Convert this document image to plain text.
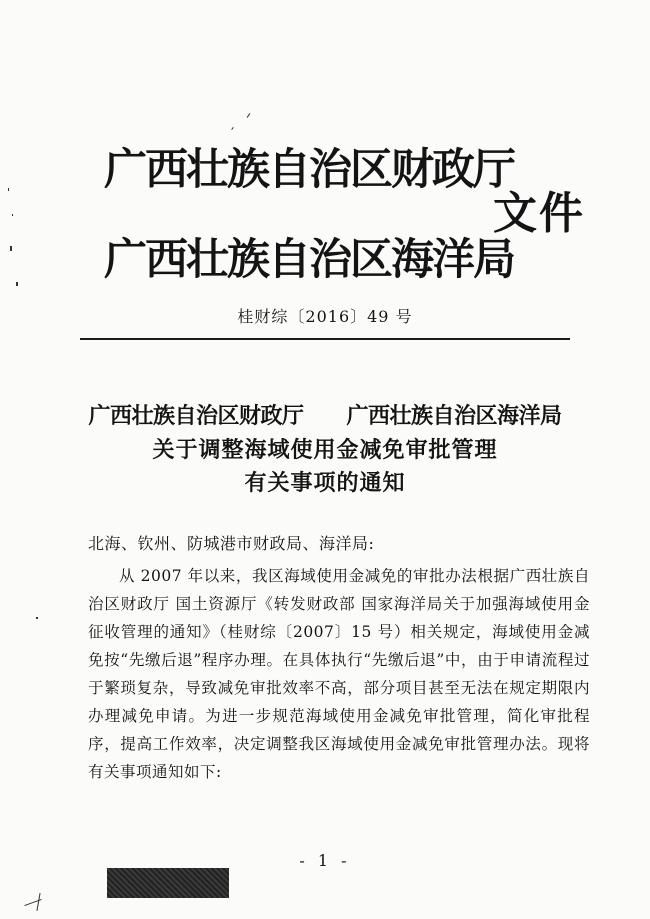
广西壮族自治区财政厅
文件
广西壮族自治区海洋局
桂财综〔2016〕49 号
广西壮族自治区财政厅　　广西壮族自治区海洋局
关于调整海域使用金减免审批管理
有关事项的通知
北海、钦州、防城港市财政局、海洋局:

从 2007 年以来，我区海域使用金减免的审批办法根据广西壮族自治区财政厅 国土资源厅《转发财政部 国家海洋局关于加强海域使用金征收管理的通知》（桂财综〔2007〕15 号）相关规定，海域使用金减免按“先缴后退”程序办理。在具体执行“先缴后退”中，由于申请流程过于繁琐复杂，导致减免审批效率不高，部分项目甚至无法在规定期限内办理减免申请。为进一步规范海域使用金减免审批管理，简化审批程序，提高工作效率，决定调整我区海域使用金减免审批管理办法。现将有关事项通知如下:

- 1 -
